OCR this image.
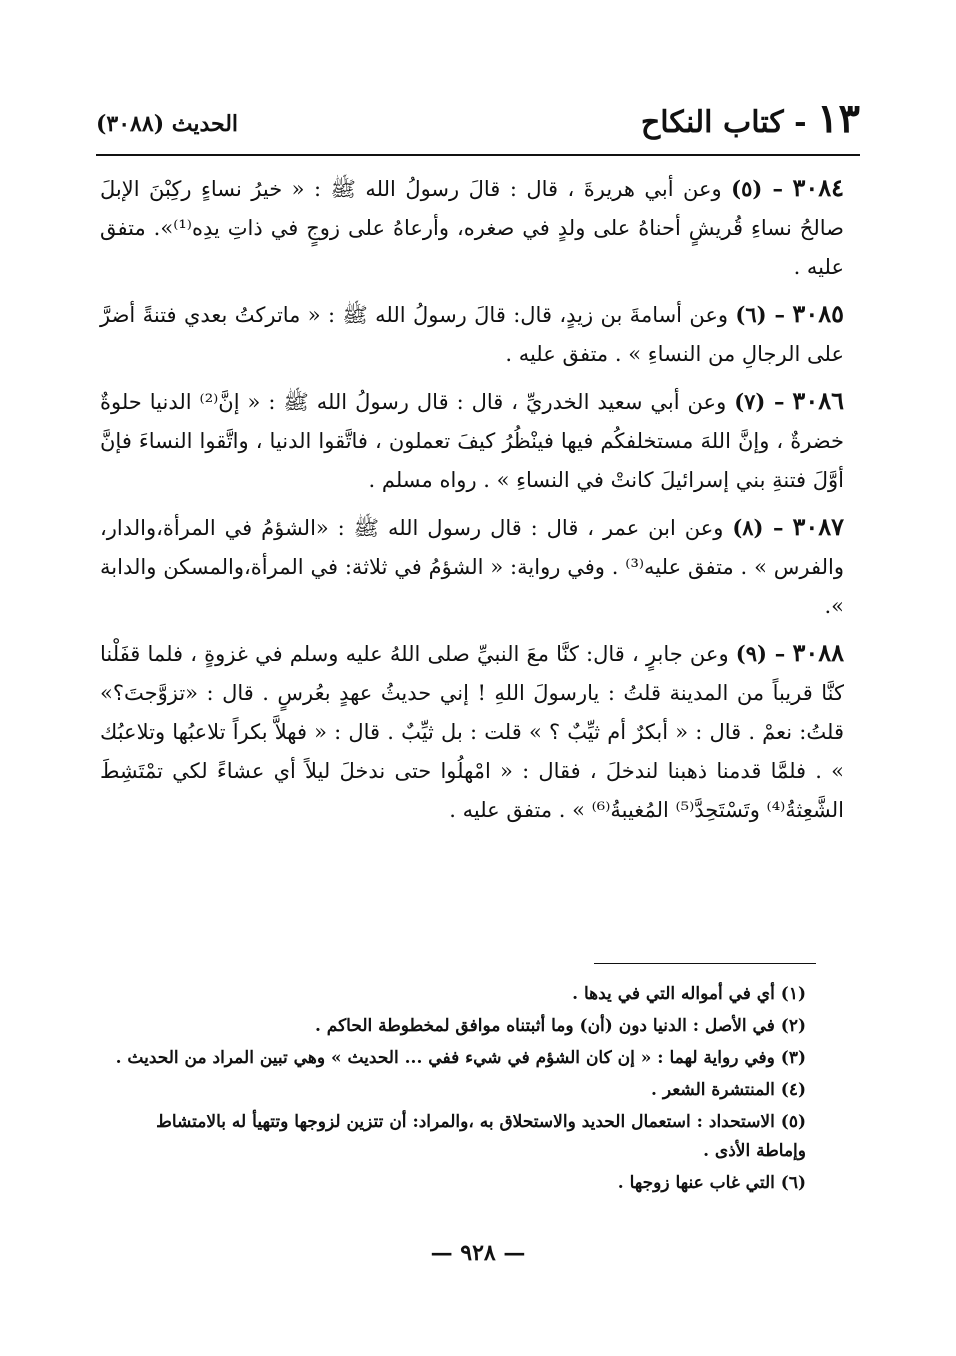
١٣ - كتاب النكاح
الحديث (٣٠٨٨)

٣٠٨٤ – (٥) وعن أبي هريرةَ ، قال : قالَ رسولُ الله ﷺ : « خيرُ نساءٍ ركِبْنَ الإبلَ صالحُ نساءِ قُريشٍ أحناهُ على ولدٍ في صغره، وأرعاهُ على زوجٍ في ذاتِ يدِه⁽¹⁾». متفق عليه .

٣٠٨٥ – (٦) وعن أسامةَ بن زيدٍ، قال: قالَ رسولُ الله ﷺ : « ماتركتُ بعدي فتنةً أضرَّ على الرجالِ من النساءِ » . متفق عليه .

٣٠٨٦ – (٧) وعن أبي سعيد الخدريِّ ، قال : قال رسولُ الله ﷺ : « إنَّ⁽²⁾ الدنيا حلوةٌ خضرةٌ ، وإنَّ اللهَ مستخلفكُم فيها فينْظُرُ كيفَ تعملون ، فاتَّقوا الدنيا ، واتَّقوا النساءَ فإنَّ أوَّلَ فتنةِ بني إسرائيلَ كانتْ في النساءِ » . رواه مسلم .

٣٠٨٧ – (٨) وعن ابن عمر ، قال : قال رسول الله ﷺ : «الشؤمُ في المرأة،والدار، والفرس » . متفق عليه⁽³⁾ . وفي رواية: « الشؤمُ في ثلاثة: في المرأة،والمسكن والدابة ».

٣٠٨٨ – (٩) وعن جابرٍ ، قال: كنَّا معَ النبيِّ صلى اللهُ عليه وسلم في غزوةٍ ، فلما قفَلْنا كنَّا قريباً من المدينة قلتُ : يارسولَ اللهِ ! إني حديثُ عهدٍ بعُرسٍ . قال : «تزوَّجتَ؟» قلتُ: نعمْ . قال : « أبكرٌ أم ثيِّبٌ ؟ » قلت : بل ثيِّبٌ . قال : « فهلاَّ بكراً تلاعبُها وتلاعبُك » . فلمَّا قدمنا ذهبنا لندخلَ ، فقال : « امْهلُوا حتى ندخلَ ليلاً أي عشاءً لكي تمْتَشِطَ الشَّعِثةُ⁽⁴⁾ وتَسْتَحِدَّ⁽⁵⁾ المُغيبةُ⁽⁶⁾ » . متفق عليه .

(١) أي في أمواله التي في يدها .

(٢) في الأصل : الدنيا دون (أن) وما أثبتناه موافق لمخطوطة الحاكم .

(٣) وفي رواية لهما : « إن كان الشؤم في شيء ففي ... الحديث » وهي تبين المراد من الحديث .

(٤) المنتشرة الشعر .

(٥) الاستحداد : استعمال الحديد والاستحلاق به ،والمراد: أن تتزين لزوجها وتتهيأ له بالامتشاط وإماطة الأذى .

(٦) التي غاب عنها زوجها .

— ٩٢٨ —
